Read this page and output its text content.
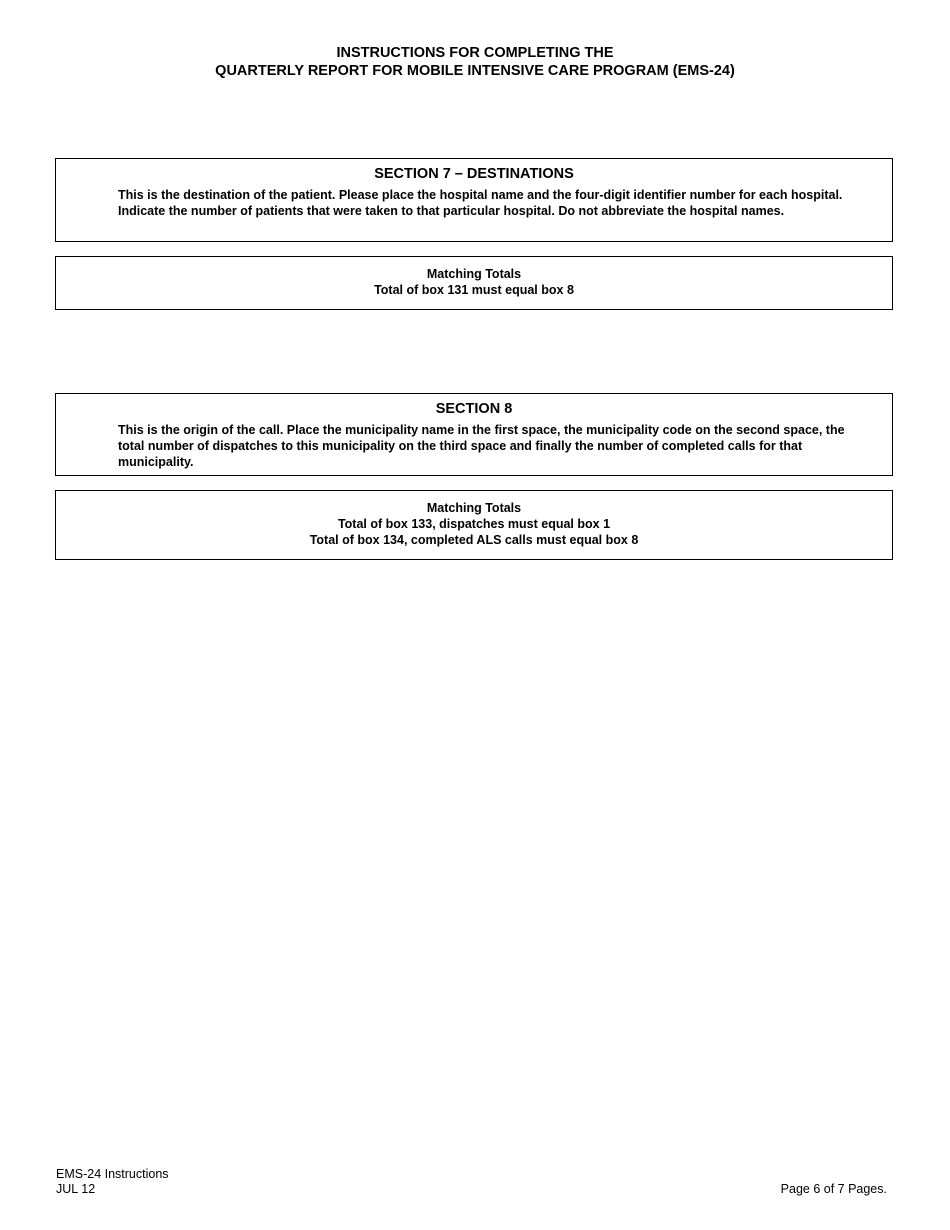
INSTRUCTIONS FOR COMPLETING THE
QUARTERLY REPORT FOR MOBILE INTENSIVE CARE PROGRAM (EMS-24)
SECTION 7 – DESTINATIONS
This is the destination of the patient. Please place the hospital name and the four-digit identifier number for each hospital. Indicate the number of patients that were taken to that particular hospital. Do not abbreviate the hospital names.
Matching Totals
Total of box 131 must equal box 8
SECTION 8
This is the origin of the call. Place the municipality name in the first space, the municipality code on the second space, the total number of dispatches to this municipality on the third space and finally the number of completed calls for that municipality.
Matching Totals
Total of box 133, dispatches must equal box 1
Total of box 134, completed ALS calls must equal box 8
EMS-24 Instructions
JUL 12	Page 6 of 7 Pages.
